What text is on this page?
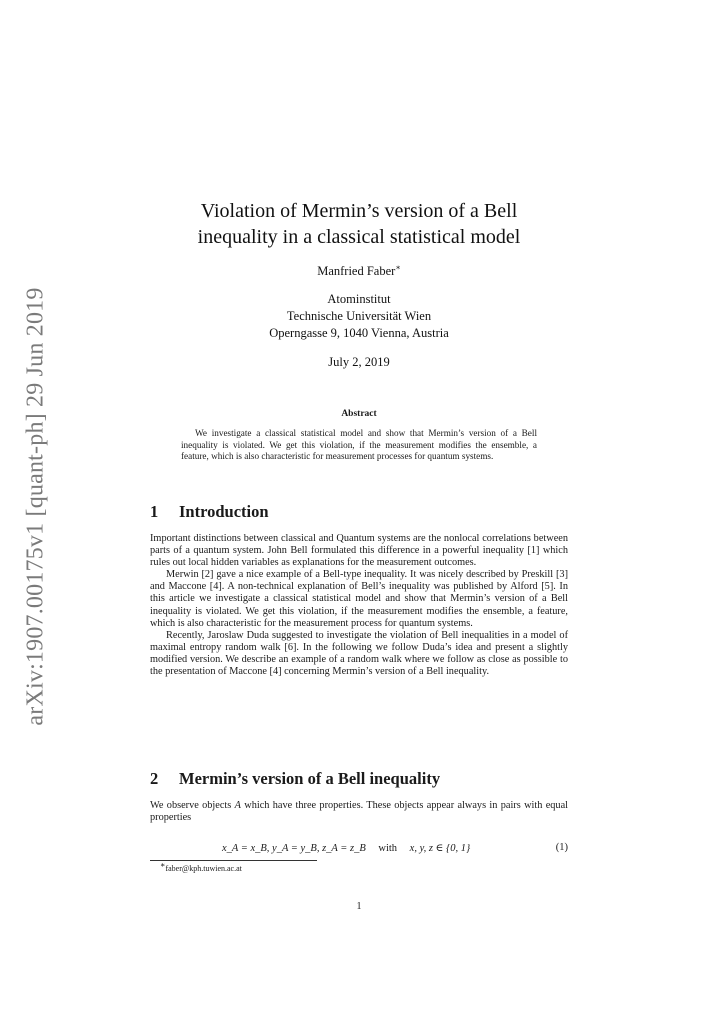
arXiv:1907.00175v1 [quant-ph] 29 Jun 2019
Violation of Mermin’s version of a Bell
inequality in a classical statistical model
Manfried Faber∗
Atominstitut
Technische Universität Wien
Operngasse 9, 1040 Vienna, Austria
July 2, 2019
Abstract
We investigate a classical statistical model and show that Mermin’s version of a Bell inequality is violated. We get this violation, if the measurement modifies the ensemble, a feature, which is also characteristic for measurement processes for quantum systems.
1 Introduction

Important distinctions between classical and Quantum systems are the nonlocal correlations between parts of a quantum system. John Bell formulated this difference in a powerful inequality [1] which rules out local hidden variables as explanations for the measurement outcomes.

Merwin [2] gave a nice example of a Bell-type inequality. It was nicely described by Preskill [3] and Maccone [4]. A non-technical explanation of Bell’s inequality was published by Alford [5]. In this article we investigate a classical statistical model and show that Mermin’s version of a Bell inequality is violated. We get this violation, if the measurement modifies the ensemble, a feature, which is also characteristic for the measurement process for quantum systems.

Recently, Jaroslaw Duda suggested to investigate the violation of Bell inequalities in a model of maximal entropy random walk [6]. In the following we follow Duda’s idea and present a slightly modified version. We describe an example of a random walk where we follow as close as possible to the presentation of Maccone [4] concerning Mermin’s version of a Bell inequality.

2 Mermin’s version of a Bell inequality

We observe objects A which have three properties. These objects appear always in pairs with equal properties

x_A = x_B, y_A = y_B, z_A = z_B with x, y, z ∈ {0, 1}	(1)
∗faber@kph.tuwien.ac.at
1
